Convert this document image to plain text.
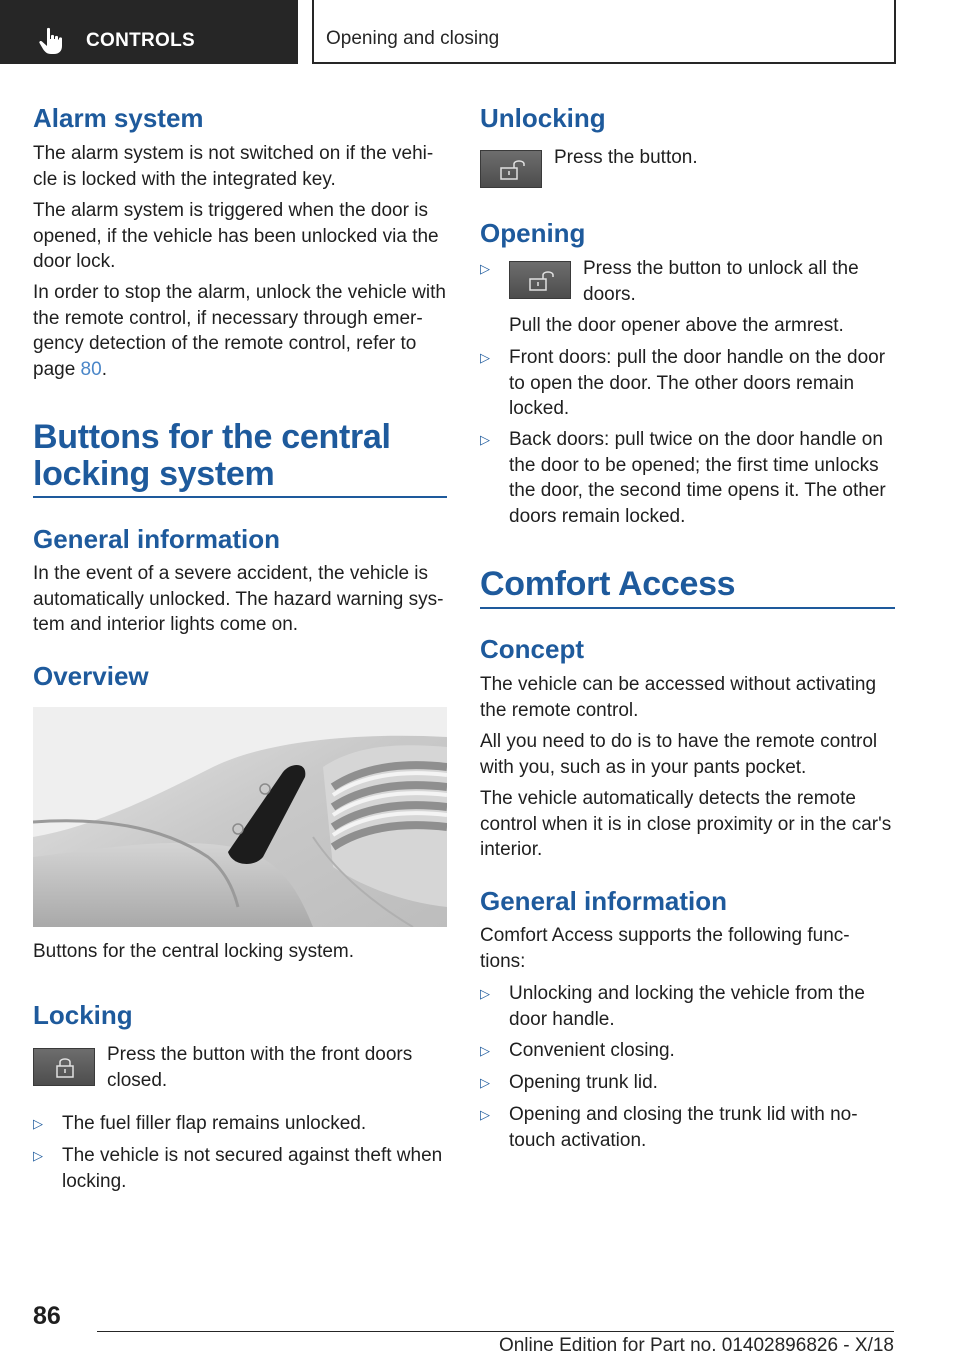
CONTROLS	Opening and closing
Alarm system
The alarm system is not switched on if the vehi‐
cle is locked with the integrated key.
The alarm system is triggered when the door is
opened, if the vehicle has been unlocked via the
door lock.
In order to stop the alarm, unlock the vehicle with
the remote control, if necessary through emer‐
gency detection of the remote control, refer to
page 80.
Buttons for the central
locking system
General information
In the event of a severe accident, the vehicle is
automatically unlocked. The hazard warning sys‐
tem and interior lights come on.
Overview
Buttons for the central locking system.
Locking
Press the button with the front doors
closed.
▷ The fuel filler flap remains unlocked.

▷ The vehicle is not secured against theft when
locking.

Unlocking
Press the button.
Opening
▷	Press the button to unlock all the
doors.
Pull the door opener above the armrest.
▷ Front doors: pull the door handle on the door
to open the door. The other doors remain
locked.
▷ Back doors: pull twice on the door handle on
the door to be opened; the first time unlocks
the door, the second time opens it. The other
doors remain locked.
Comfort Access
Concept
The vehicle can be accessed without activating
the remote control.
All you need to do is to have the remote control
with you, such as in your pants pocket.
The vehicle automatically detects the remote
control when it is in close proximity or in the car's
interior.
General information
Comfort Access supports the following func‐
tions:
▷ Unlocking and locking the vehicle from the
door handle.
▷ Convenient closing.
▷ Opening trunk lid.
▷ Opening and closing the trunk lid with no-
touch activation.
86
Online Edition for Part no. 01402896826 - X/18
